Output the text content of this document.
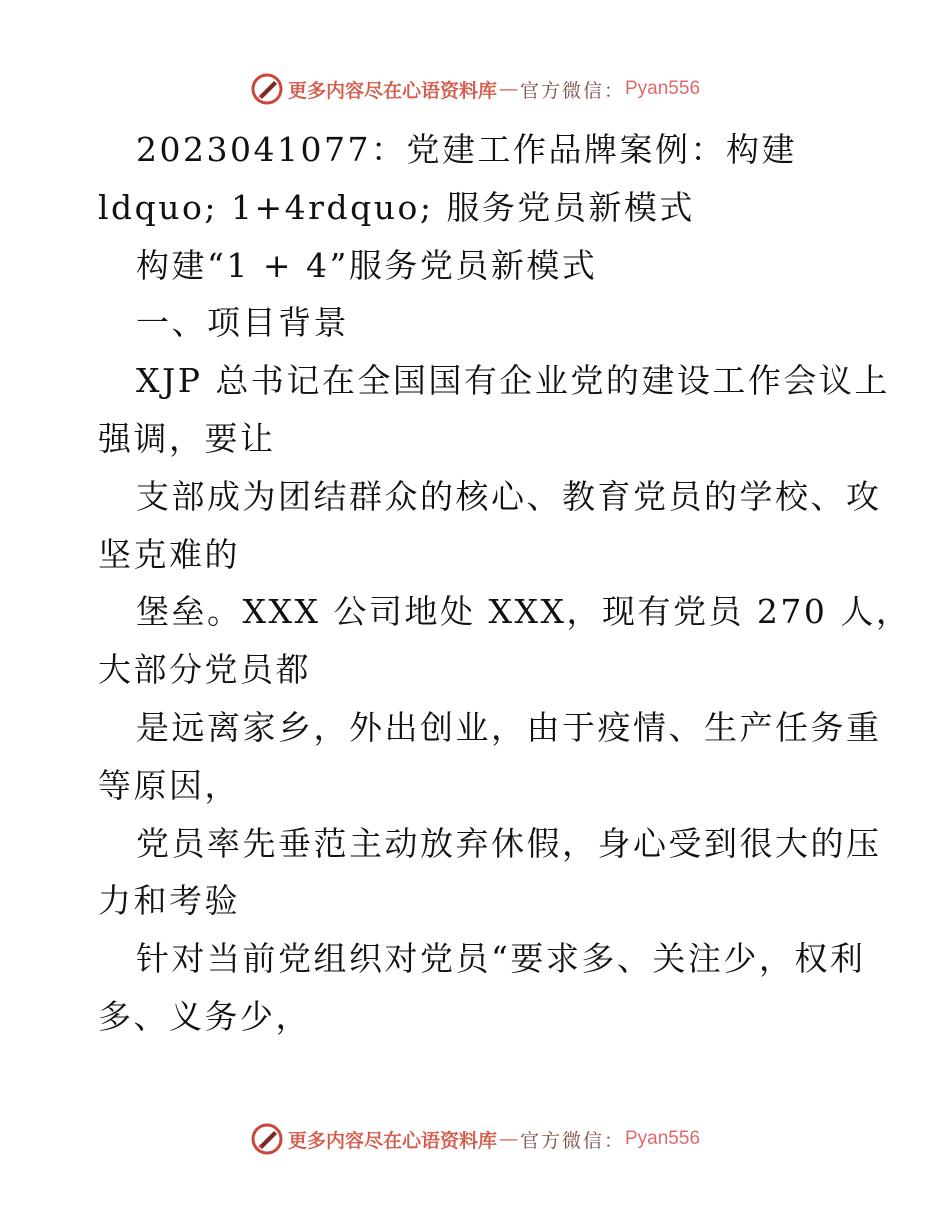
更多内容尽在心语资料库 — 官方微信： Pyan556
2023041077：党建工作品牌案例：构建
ldquo; 1+4rdquo; 服务党员新模式
构建“1 + 4”服务党员新模式
一、项目背景
XJP 总书记在全国国有企业党的建设工作会议上
强调，要让
支部成为团结群众的核心、教育党员的学校、攻
坚克难的
堡垒。XXX 公司地处 XXX，现有党员 270 人，
大部分党员都
是远离家乡，外出创业，由于疫情、生产任务重
等原因，
党员率先垂范主动放弃休假，身心受到很大的压
力和考验
针对当前党组织对党员“要求多、关注少，权利
多、义务少，
更多内容尽在心语资料库 — 官方微信： Pyan556
